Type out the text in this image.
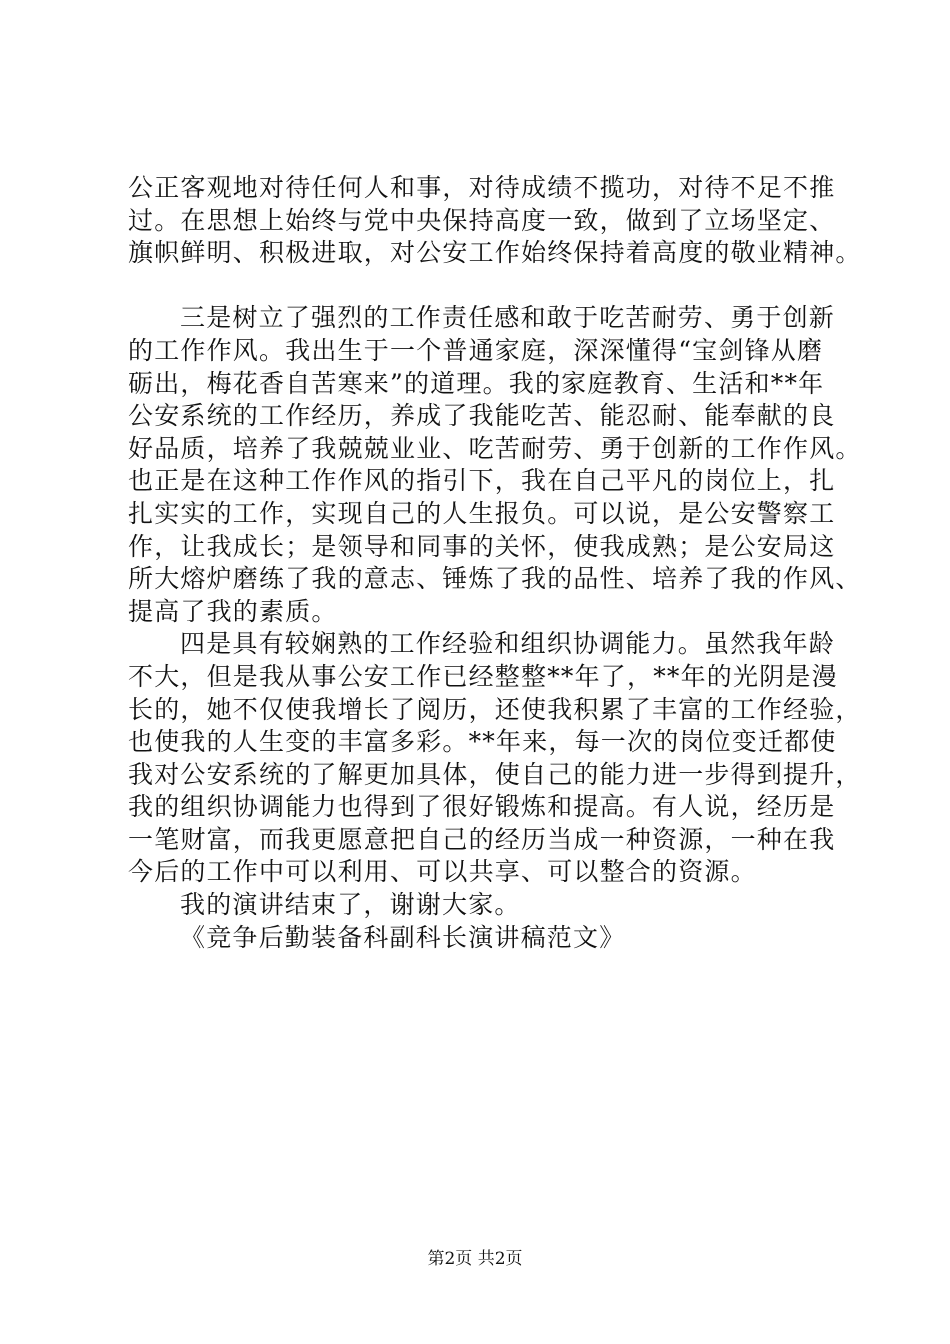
公正客观地对待任何人和事，对待成绩不揽功，对待不足不推
过。在思想上始终与党中央保持高度一致，做到了立场坚定、
旗帜鲜明、积极进取，对公安工作始终保持着高度的敬业精神。
三是树立了强烈的工作责任感和敢于吃苦耐劳、勇于创新
的工作作风。我出生于一个普通家庭，深深懂得“宝剑锋从磨
砺出，梅花香自苦寒来”的道理。我的家庭教育、生活和**年
公安系统的工作经历，养成了我能吃苦、能忍耐、能奉献的良
好品质，培养了我兢兢业业、吃苦耐劳、勇于创新的工作作风。
也正是在这种工作作风的指引下，我在自己平凡的岗位上，扎
扎实实的工作，实现自己的人生报负。可以说，是公安警察工
作，让我成长；是领导和同事的关怀，使我成熟；是公安局这
所大熔炉磨练了我的意志、锤炼了我的品性、培养了我的作风、
提高了我的素质。
四是具有较娴熟的工作经验和组织协调能力。虽然我年龄
不大，但是我从事公安工作已经整整**年了，**年的光阴是漫
长的，她不仅使我增长了阅历，还使我积累了丰富的工作经验，
也使我的人生变的丰富多彩。**年来，每一次的岗位变迁都使
我对公安系统的了解更加具体，使自己的能力进一步得到提升，
我的组织协调能力也得到了很好锻炼和提高。有人说，经历是
一笔财富，而我更愿意把自己的经历当成一种资源，一种在我
今后的工作中可以利用、可以共享、可以整合的资源。
我的演讲结束了，谢谢大家。
《竞争后勤装备科副科长演讲稿范文》
第2页 共2页
